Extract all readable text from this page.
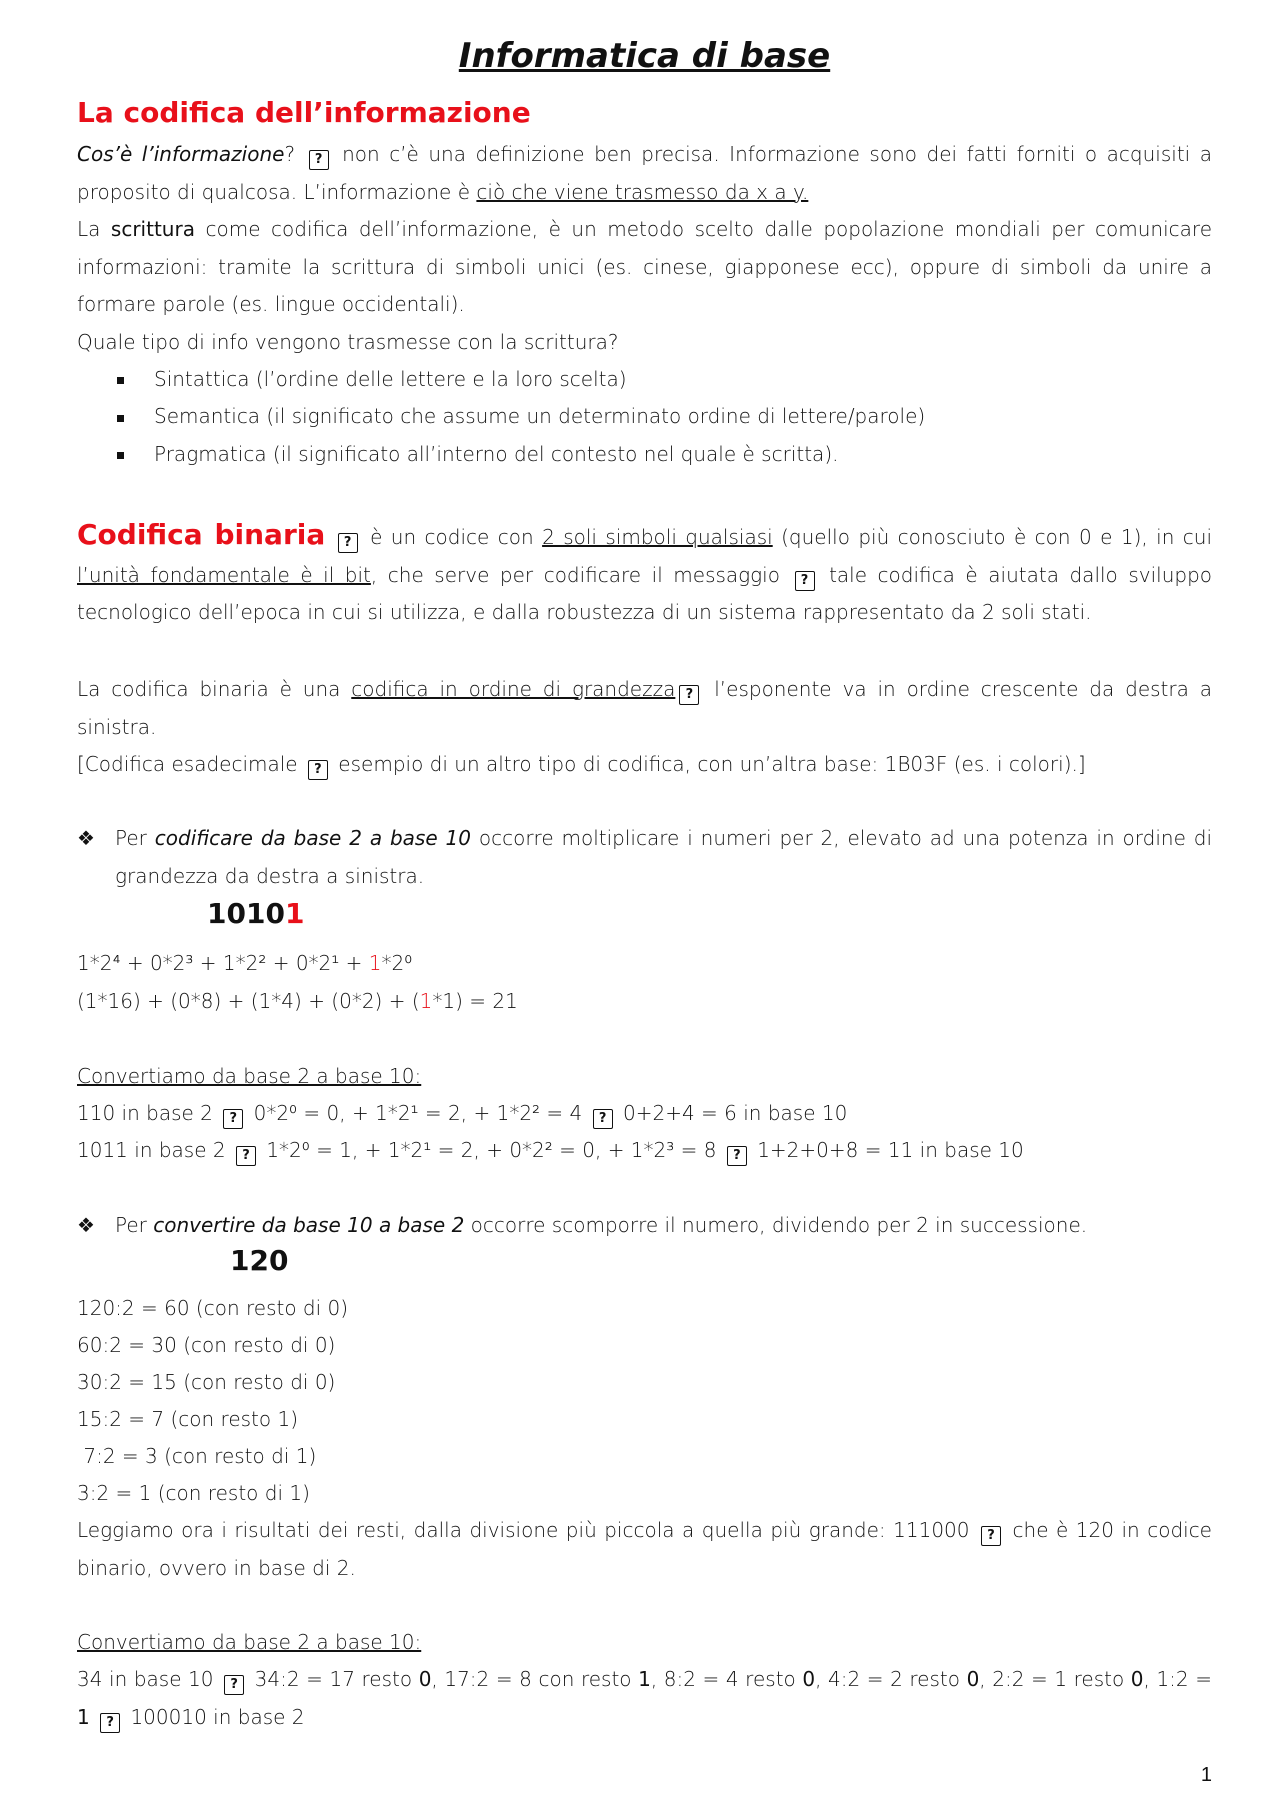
Informatica di base
La codifica dell’informazione
Cos’è l’informazione? ? non c’è una definizione ben precisa. Informazione sono dei fatti forniti o acquisiti a proposito di qualcosa. L’informazione è ciò che viene trasmesso da x a y.
La scrittura come codifica dell’informazione, è un metodo scelto dalle popolazione mondiali per comunicare informazioni: tramite la scrittura di simboli unici (es. cinese, giapponese ecc), oppure di simboli da unire a formare parole (es. lingue occidentali).
Quale tipo di info vengono trasmesse con la scrittura?
Sintattica (l’ordine delle lettere e la loro scelta)
Semantica (il significato che assume un determinato ordine di lettere/parole)
Pragmatica (il significato all’interno del contesto nel quale è scritta).
Codifica binaria ? è un codice con 2 soli simboli qualsiasi (quello più conosciuto è con 0 e 1), in cui l’unità fondamentale è il bit, che serve per codificare il messaggio ? tale codifica è aiutata dallo sviluppo tecnologico dell’epoca in cui si utilizza, e dalla robustezza di un sistema rappresentato da 2 soli stati.
La codifica binaria è una codifica in ordine di grandezza ? l’esponente va in ordine crescente da destra a sinistra.
[Codifica esadecimale ? esempio di un altro tipo di codifica, con un’altra base: 1B03F (es. i colori).]
❖ Per codificare da base 2 a base 10 occorre moltiplicare i numeri per 2, elevato ad una potenza in ordine di grandezza da destra a sinistra.
10101
1*2⁴ + 0*2³ + 1*2² + 0*2¹ + 1*2⁰
(1*16) + (0*8) + (1*4) + (0*2) + (1*1) = 21
Convertiamo da base 2 a base 10:
110 in base 2 ? 0*2⁰ = 0, + 1*2¹ = 2, + 1*2² = 4 ? 0+2+4 = 6 in base 10
1011 in base 2 ? 1*2⁰ = 1, + 1*2¹ = 2, + 0*2² = 0, + 1*2³ = 8 ? 1+2+0+8 = 11 in base 10
❖ Per convertire da base 10 a base 2 occorre scomporre il numero, dividendo per 2 in successione.
120
120:2 = 60 (con resto di 0)
60:2 = 30 (con resto di 0)
30:2 = 15 (con resto di 0)
15:2 = 7 (con resto 1)
7:2 = 3 (con resto di 1)
3:2 = 1 (con resto di 1)
Leggiamo ora i risultati dei resti, dalla divisione più piccola a quella più grande: 111000 ? che è 120 in codice binario, ovvero in base di 2.
Convertiamo da base 2 a base 10:
34 in base 10 ? 34:2 = 17 resto 0, 17:2 = 8 con resto 1, 8:2 = 4 resto 0, 4:2 = 2 resto 0, 2:2 = 1 resto 0, 1:2 = 1 ? 100010 in base 2
1
